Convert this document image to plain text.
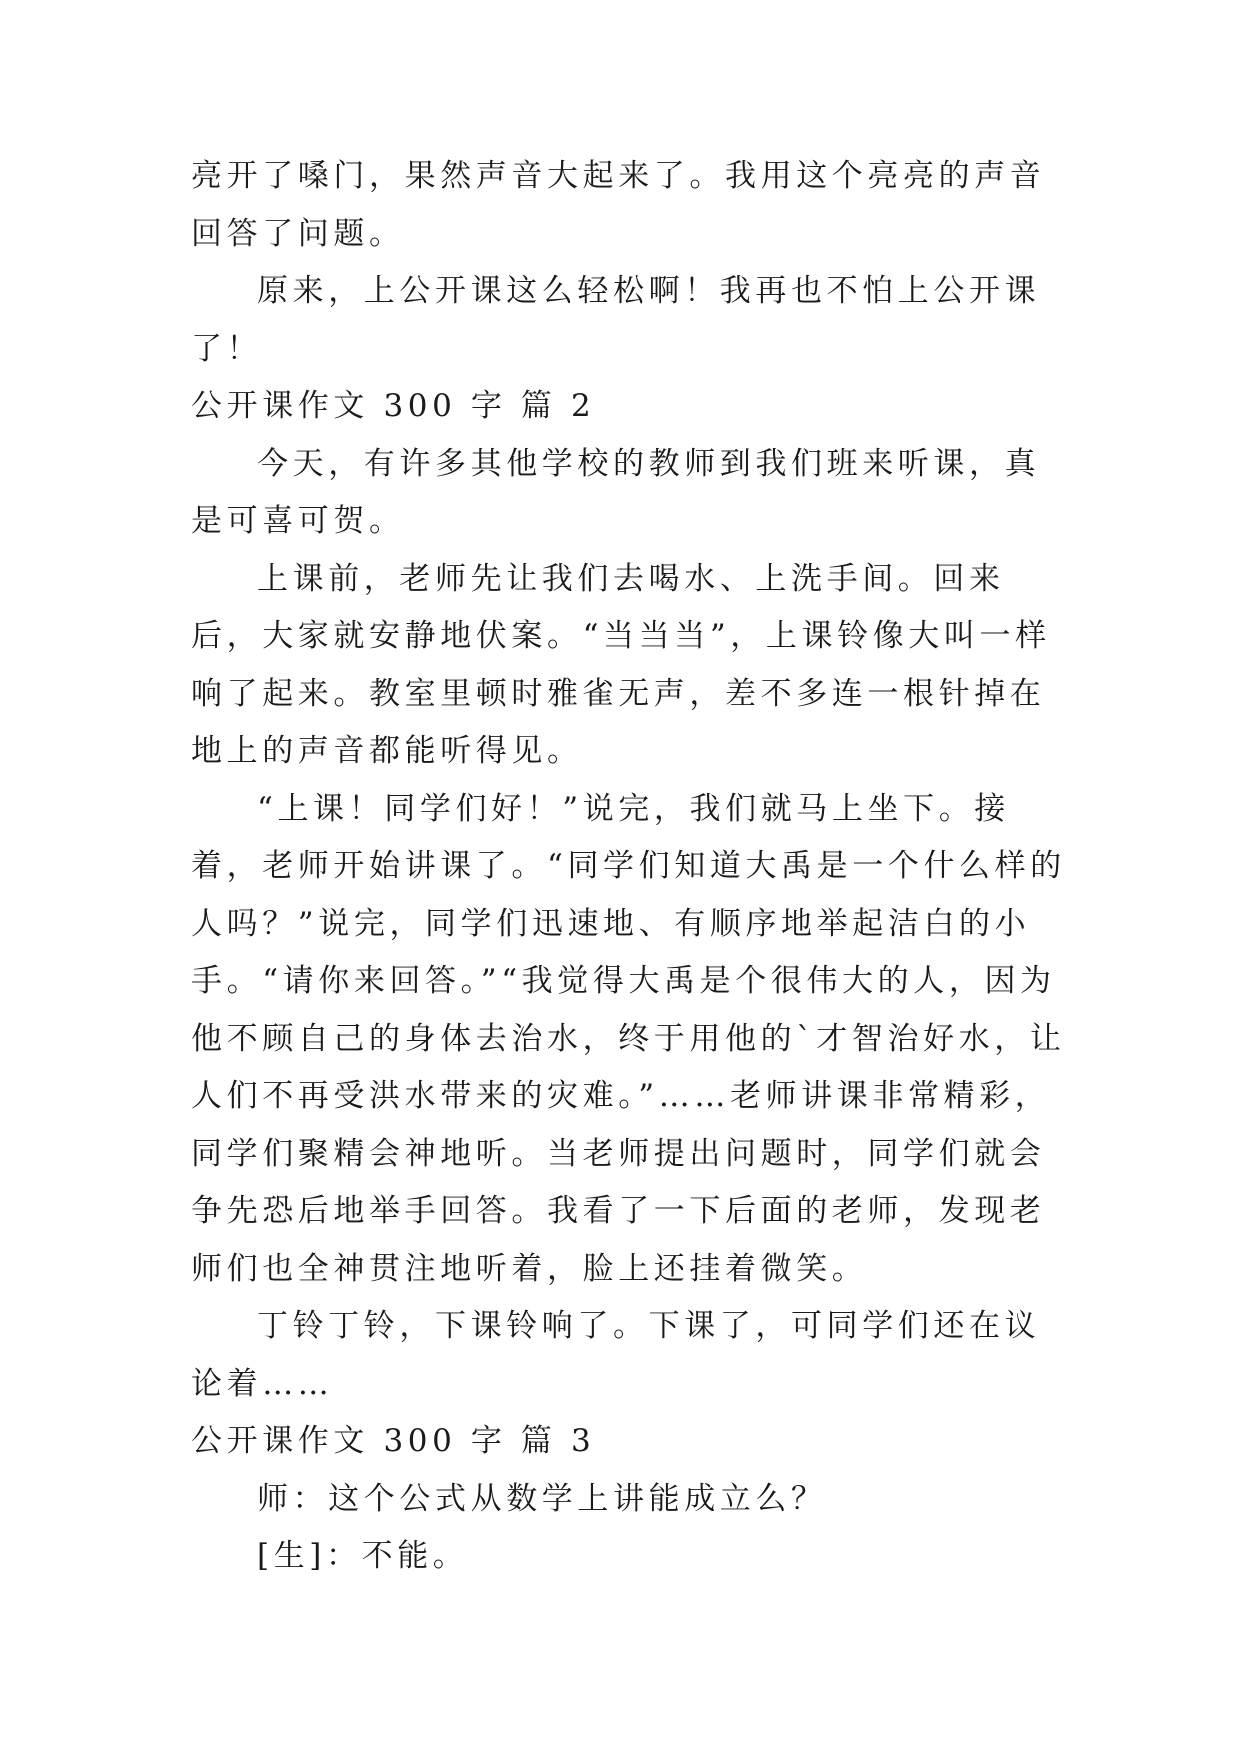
亮开了嗓门，果然声音大起来了。我用这个亮亮的声音回答了问题。

原来，上公开课这么轻松啊！我再也不怕上公开课了！

公开课作文 300 字 篇 2

今天，有许多其他学校的教师到我们班来听课，真是可喜可贺。

上课前，老师先让我们去喝水、上洗手间。回来后，大家就安静地伏案。“当当当”，上课铃像大叫一样响了起来。教室里顿时雅雀无声，差不多连一根针掉在地上的声音都能听得见。

“上课！同学们好！”说完，我们就马上坐下。接着，老师开始讲课了。“同学们知道大禹是一个什么样的人吗？”说完，同学们迅速地、有顺序地举起洁白的小手。“请你来回答。”“我觉得大禹是个很伟大的人，因为他不顾自己的身体去治水，终于用他的`才智治好水，让人们不再受洪水带来的灾难。”……老师讲课非常精彩，同学们聚精会神地听。当老师提出问题时，同学们就会争先恐后地举手回答。我看了一下后面的老师，发现老师们也全神贯注地听着，脸上还挂着微笑。

丁铃丁铃，下课铃响了。下课了，可同学们还在议论着……

公开课作文 300 字 篇 3

师：这个公式从数学上讲能成立么？

[生]：不能。
